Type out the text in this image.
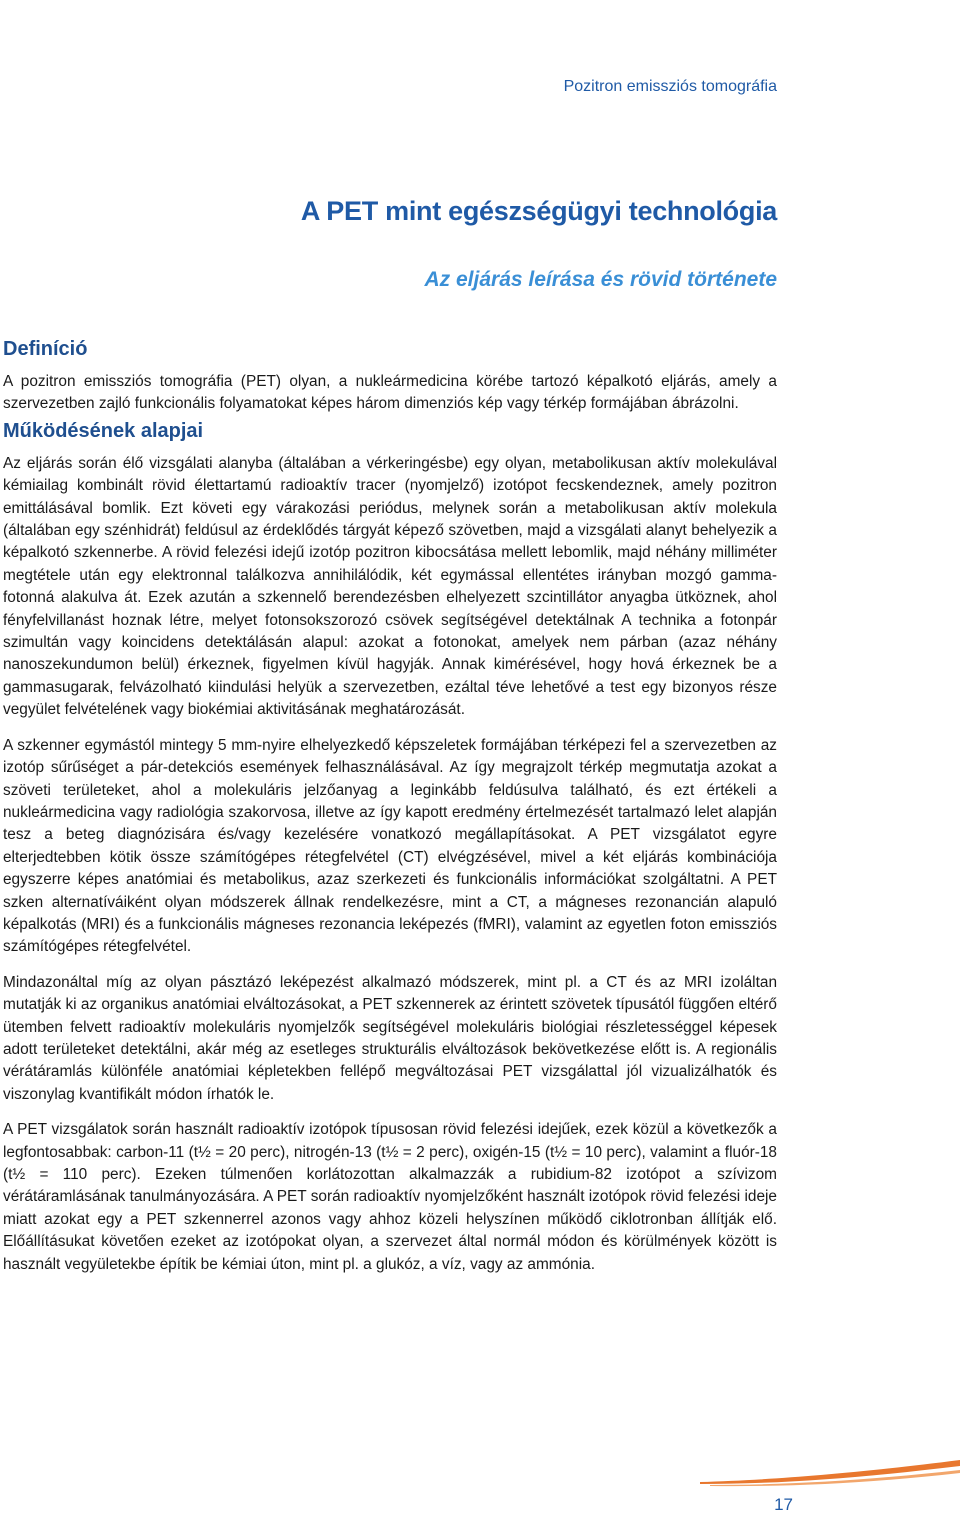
Pozitron emissziós tomográfia
A PET mint egészségügyi technológia
Az eljárás leírása és rövid története
Definíció

A pozitron emissziós tomográfia (PET) olyan, a nukleármedicina körébe tartozó képalkotó eljárás, amely a szervezetben zajló funkcionális folyamatokat képes három dimenziós kép vagy térkép formájában ábrázolni.

Működésének alapjai

Az eljárás során élő vizsgálati alanyba (általában a vérkeringésbe) egy olyan, metabolikusan aktív molekulával kémiailag kombinált rövid élettartamú radioaktív tracer (nyomjelző) izotópot fecskendeznek, amely pozitron emittálásával bomlik. Ezt követi egy várakozási periódus, melynek során a metabolikusan aktív molekula (általában egy szénhidrát) feldúsul az érdeklődés tárgyát képező szövetben, majd a vizsgálati alanyt behelyezik a képalkotó szkennerbe. A rövid felezési idejű izotóp pozitron kibocsátása mellett lebomlik, majd néhány milliméter megtétele után egy elektronnal találkozva annihilálódik, két egymással ellentétes irányban mozgó gamma-fotonná alakulva át. Ezek azután a szkennelő berendezésben elhelyezett szcintillátor anyagba ütköznek, ahol fényfelvillanást hoznak létre, melyet fotonsokszorozó csövek segítségével detektálnak A technika a fotonpár szimultán vagy koincidens detektálásán alapul: azokat a fotonokat, amelyek nem párban (azaz néhány nanoszekundumon belül) érkeznek, figyelmen kívül hagyják. Annak kimérésével, hogy hová érkeznek be a gammasugarak, felvázolható kiindulási helyük a szervezetben, ezáltal téve lehetővé a test egy bizonyos része vegyület felvételének vagy biokémiai aktivitásának meghatározását.

A szkenner egymástól mintegy 5 mm-nyire elhelyezkedő képszeletek formájában térképezi fel a szervezetben az izotóp sűrűséget a pár-detekciós események felhasználásával. Az így megrajzolt térkép megmutatja azokat a szöveti területeket, ahol a molekuláris jelzőanyag a leginkább feldúsulva található, és ezt értékeli a nukleármedicina vagy radiológia szakorvosa, illetve az így kapott eredmény értelmezését tartalmazó lelet alapján tesz a beteg diagnózisára és/vagy kezelésére vonatkozó megállapításokat. A PET vizsgálatot egyre elterjedtebben kötik össze számítógépes rétegfelvétel (CT) elvégzésével, mivel a két eljárás kombinációja egyszerre képes anatómiai és metabolikus, azaz szerkezeti és funkcionális információkat szolgáltatni. A PET szken alternatíváiként olyan módszerek állnak rendelkezésre, mint a CT, a mágneses rezonancián alapuló képalkotás (MRI) és a funkcionális mágneses rezonancia leképezés (fMRI), valamint az egyetlen foton emissziós számítógépes rétegfelvétel.

Mindazonáltal míg az olyan pásztázó leképezést alkalmazó módszerek, mint pl. a CT és az MRI izoláltan mutatják ki az organikus anatómiai elváltozásokat, a PET szkennerek az érintett szövetek típusától függően eltérő ütemben felvett radioaktív molekuláris nyomjelzők segítségével molekuláris biológiai részletességgel képesek adott területeket detektálni, akár még az esetleges strukturális elváltozások bekövetkezése előtt is. A regionális vérátáramlás különféle anatómiai képletekben fellépő megváltozásai PET vizsgálattal jól vizualizálhatók és viszonylag kvantifikált módon írhatók le.

A PET vizsgálatok során használt radioaktív izotópok típusosan rövid felezési idejűek, ezek közül a következők a legfontosabbak: carbon-11 (t½ = 20 perc), nitrogén-13 (t½ = 2 perc), oxigén-15 (t½ = 10 perc), valamint a fluór-18 (t½ = 110 perc). Ezeken túlmenően korlátozottan alkalmazzák a rubidium-82 izotópot a szívizom vérátáramlásának tanulmányozására. A PET során radioaktív nyomjelzőként használt izotópok rövid felezési ideje miatt azokat egy a PET szkennerrel azonos vagy ahhoz közeli helyszínen működő ciklotronban állítják elő. Előállításukat követően ezeket az izotópokat olyan, a szervezet által normál módon és körülmények között is használt vegyületekbe építik be kémiai úton, mint pl. a glukóz, a víz, vagy az ammónia.

17
